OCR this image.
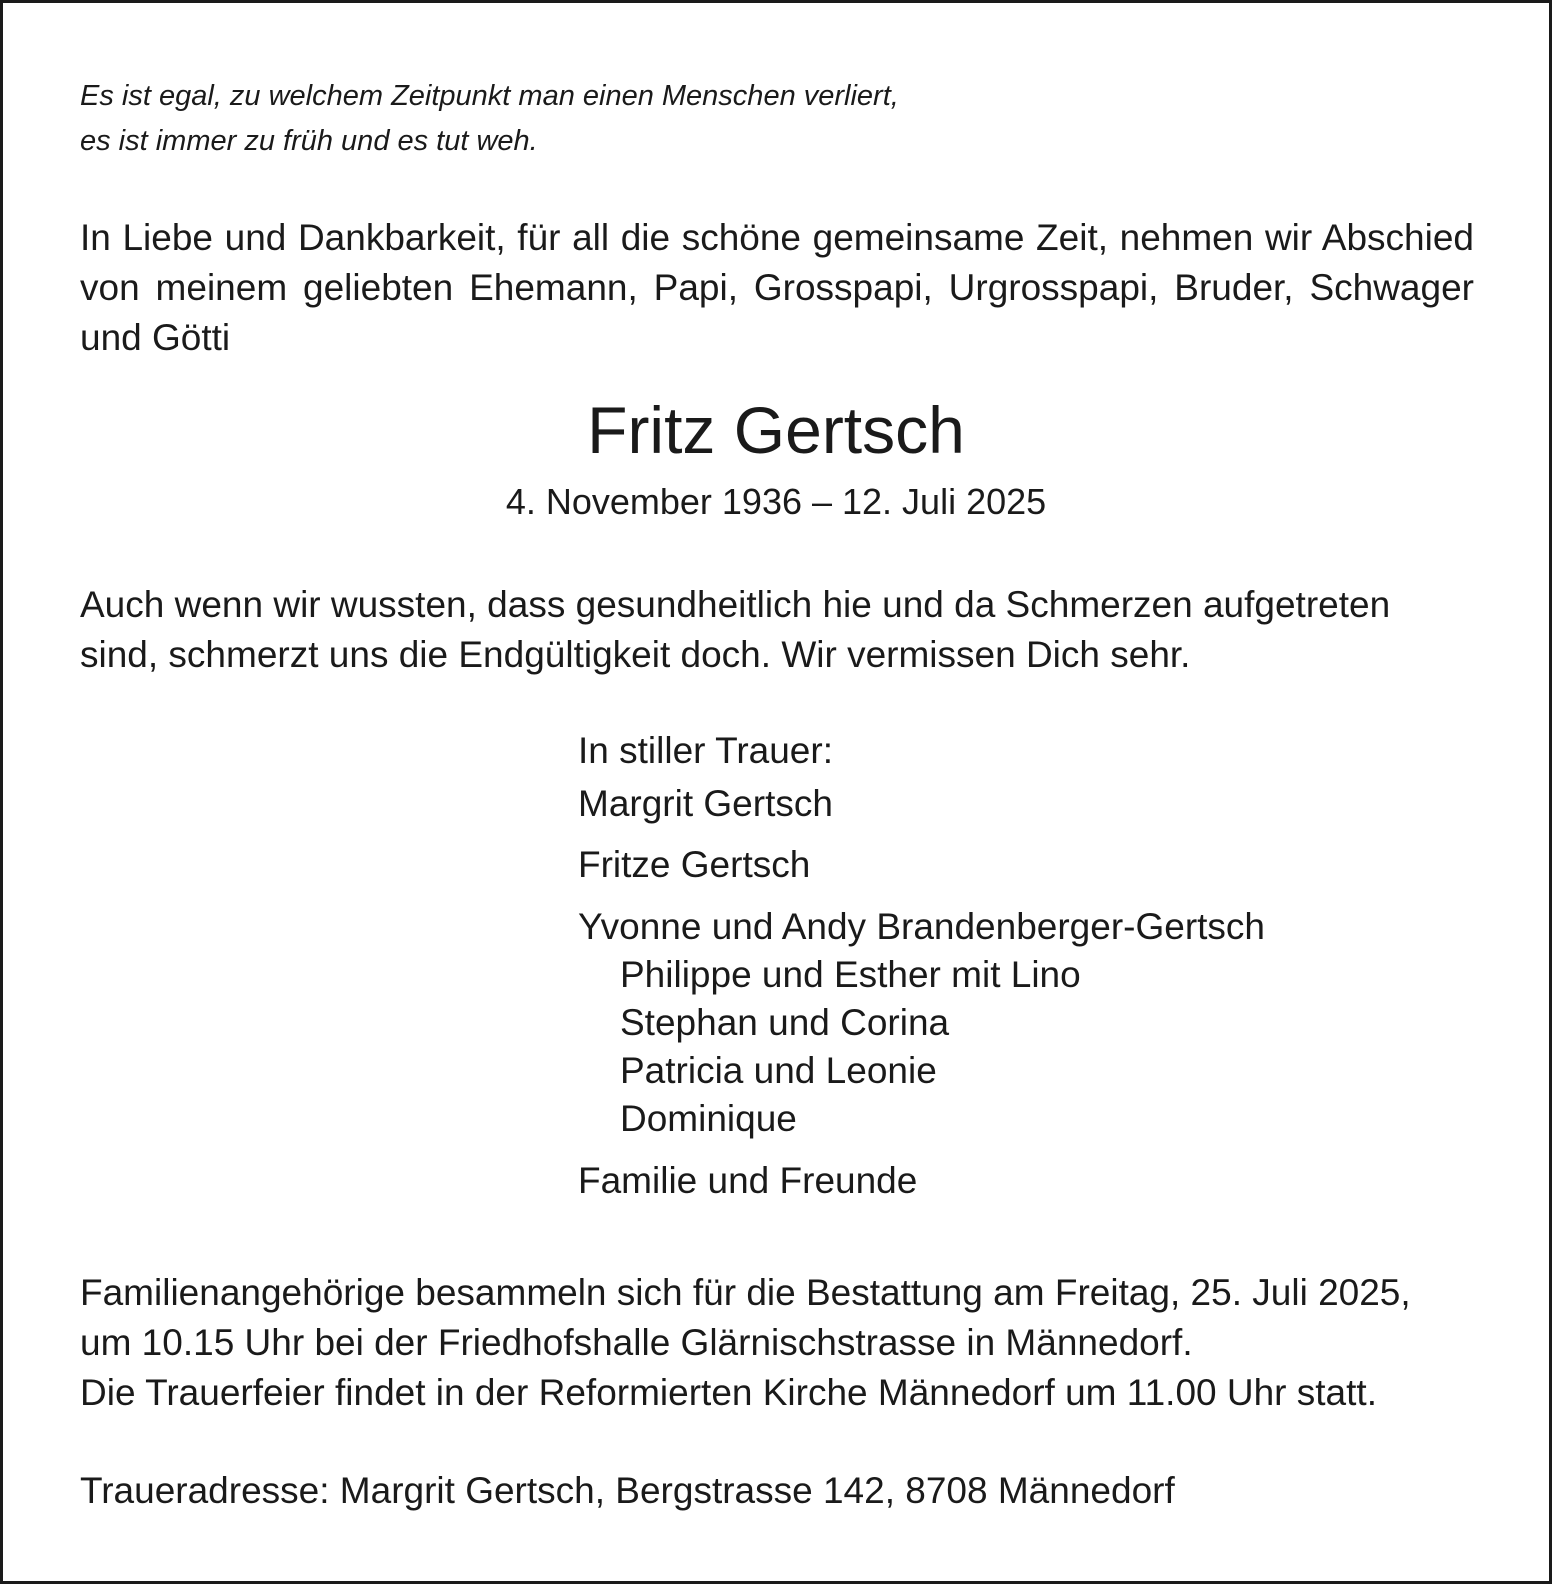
Es ist egal, zu welchem Zeitpunkt man einen Menschen verliert,
es ist immer zu früh und es tut weh.
In Liebe und Dankbarkeit, für all die schöne gemeinsame Zeit, nehmen wir Abschied von meinem geliebten Ehemann, Papi, Grosspapi, Urgrosspapi, Bruder, Schwager und Götti
Fritz Gertsch
4. November 1936 – 12. Juli 2025
Auch wenn wir wussten, dass gesundheitlich hie und da Schmerzen aufgetreten
sind, schmerzt uns die Endgültigkeit doch. Wir vermissen Dich sehr.
In stiller Trauer:
Margrit Gertsch
Fritze Gertsch
Yvonne und Andy Brandenberger-Gertsch
Philippe und Esther mit Lino
Stephan und Corina
Patricia und Leonie
Dominique
Familie und Freunde
Familienangehörige besammeln sich für die Bestattung am Freitag, 25. Juli 2025,
um 10.15 Uhr bei der Friedhofshalle Glärnischstrasse in Männedorf.
Die Trauerfeier findet in der Reformierten Kirche Männedorf um 11.00 Uhr statt.
Traueradresse: Margrit Gertsch, Bergstrasse 142, 8708 Männedorf
